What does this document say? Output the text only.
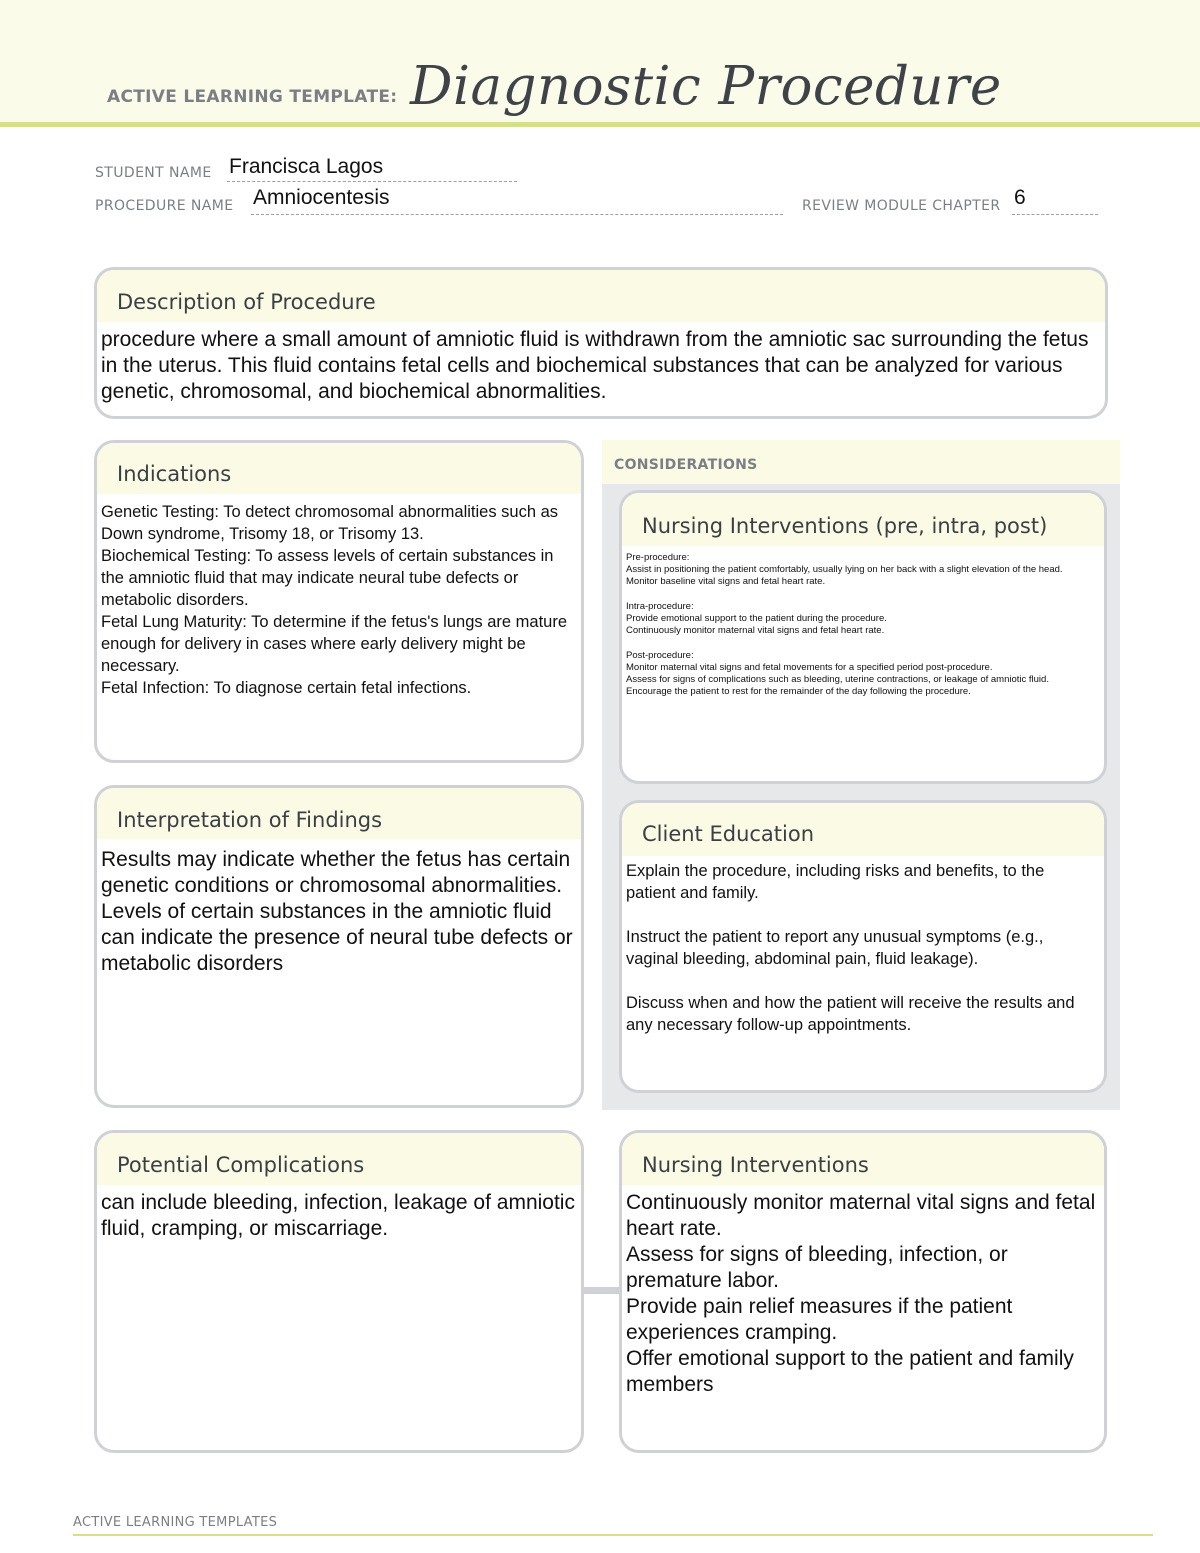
ACTIVE LEARNING TEMPLATE: Diagnostic Procedure
STUDENT NAME Francisca Lagos
PROCEDURE NAME Amniocentesis	REVIEW MODULE CHAPTER 6
Description of Procedure

procedure where a small amount of amniotic fluid is withdrawn from the amniotic sac surrounding the fetus in the uterus. This fluid contains fetal cells and biochemical substances that can be analyzed for various genetic, chromosomal, and biochemical abnormalities.

Indications

Genetic Testing: To detect chromosomal abnormalities such as Down syndrome, Trisomy 18, or Trisomy 13.
Biochemical Testing: To assess levels of certain substances in the amniotic fluid that may indicate neural tube defects or metabolic disorders.
Fetal Lung Maturity: To determine if the fetus's lungs are mature enough for delivery in cases where early delivery might be necessary.
Fetal Infection: To diagnose certain fetal infections.

CONSIDERATIONS
Nursing Interventions (pre, intra, post)

Pre-procedure:
Assist in positioning the patient comfortably, usually lying on her back with a slight elevation of the head.
Monitor baseline vital signs and fetal heart rate.

Intra-procedure:
Provide emotional support to the patient during the procedure.
Continuously monitor maternal vital signs and fetal heart rate.

Post-procedure:
Monitor maternal vital signs and fetal movements for a specified period post-procedure.
Assess for signs of complications such as bleeding, uterine contractions, or leakage of amniotic fluid.
Encourage the patient to rest for the remainder of the day following the procedure.

Interpretation of Findings

Results may indicate whether the fetus has certain genetic conditions or chromosomal abnormalities.
Levels of certain substances in the amniotic fluid can indicate the presence of neural tube defects or metabolic disorders

Client Education

Explain the procedure, including risks and benefits, to the patient and family.

Instruct the patient to report any unusual symptoms (e.g., vaginal bleeding, abdominal pain, fluid leakage).

Discuss when and how the patient will receive the results and any necessary follow-up appointments.

Potential Complications

can include bleeding, infection, leakage of amniotic fluid, cramping, or miscarriage.

Nursing Interventions

Continuously monitor maternal vital signs and fetal heart rate.
Assess for signs of bleeding, infection, or premature labor.
Provide pain relief measures if the patient experiences cramping.
Offer emotional support to the patient and family members

ACTIVE LEARNING TEMPLATES
